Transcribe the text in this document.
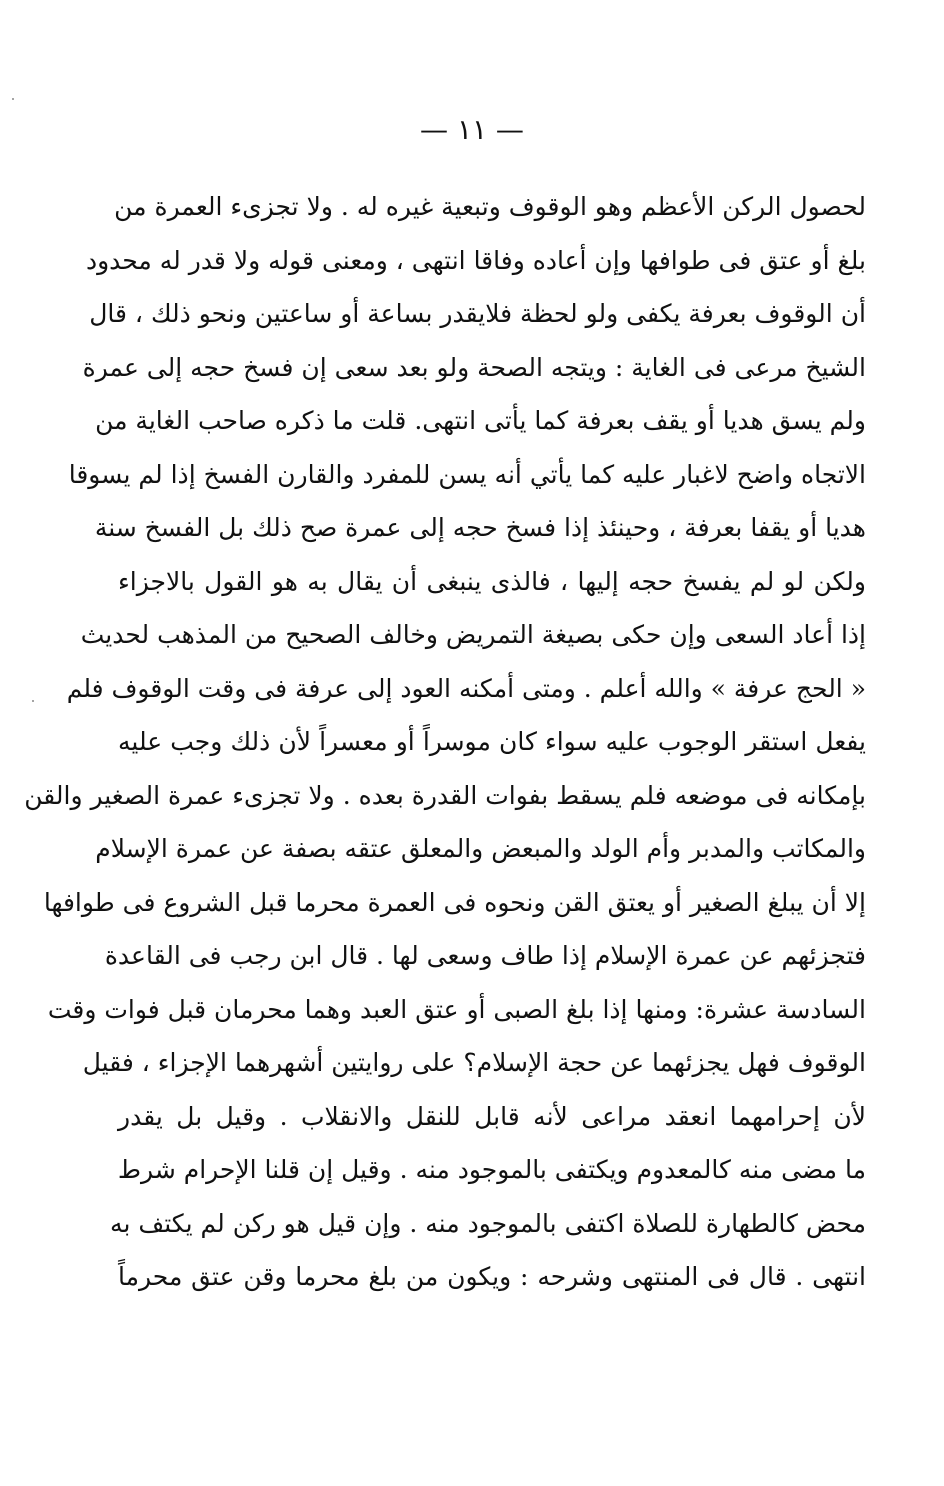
— ١١ —
لحصول الركن الأعظم وهو الوقوف وتبعية غيره له . ولا تجزىء العمرة من
بلغ أو عتق فى طوافها وإن أعاده وفاقا انتهى ، ومعنى قوله ولا قدر له محدود
أن الوقوف بعرفة يكفى ولو لحظة فلايقدر بساعة أو ساعتين ونحو ذلك ، قال
الشيخ مرعى فى الغاية : ويتجه الصحة ولو بعد سعى إن فسخ حجه إلى عمرة
ولم يسق هديا أو يقف بعرفة كما يأتى انتهى. قلت ما ذكره صاحب الغاية من
الاتجاه واضح لاغبار عليه كما يأتي أنه يسن للمفرد والقارن الفسخ إذا لم يسوقا
هديا أو يقفا بعرفة ، وحينئذ إذا فسخ حجه إلى عمرة صح ذلك بل الفسخ سنة
ولكن لو لم يفسخ حجه إليها ، فالذى ينبغى أن يقال به هو القول بالاجزاء
إذا أعاد السعى وإن حكى بصيغة التمريض وخالف الصحيح من المذهب لحديث
« الحج عرفة » والله أعلم . ومتى أمكنه العود إلى عرفة فى وقت الوقوف فلم
يفعل استقر الوجوب عليه سواء كان موسراً أو معسراً لأن ذلك وجب عليه
بإمكانه فى موضعه فلم يسقط بفوات القدرة بعده . ولا تجزىء عمرة الصغير والقن
والمكاتب والمدبر وأم الولد والمبعض والمعلق عتقه بصفة عن عمرة الإسلام
إلا أن يبلغ الصغير أو يعتق القن ونحوه فى العمرة محرما قبل الشروع فى طوافها
فتجزئهم عن عمرة الإسلام إذا طاف وسعى لها . قال ابن رجب فى القاعدة
السادسة عشرة: ومنها إذا بلغ الصبى أو عتق العبد وهما محرمان قبل فوات وقت
الوقوف فهل يجزئهما عن حجة الإسلام؟ على روايتين أشهرهما الإجزاء ، فقيل
لأن إحرامهما انعقد مراعى لأنه قابل للنقل والانقلاب . وقيل بل يقدر
ما مضى منه كالمعدوم ويكتفى بالموجود منه . وقيل إن قلنا الإحرام شرط
محض كالطهارة للصلاة اكتفى بالموجود منه . وإن قيل هو ركن لم يكتف به
انتهى . قال فى المنتهى وشرحه : ويكون من بلغ محرما وقن عتق محرماً
